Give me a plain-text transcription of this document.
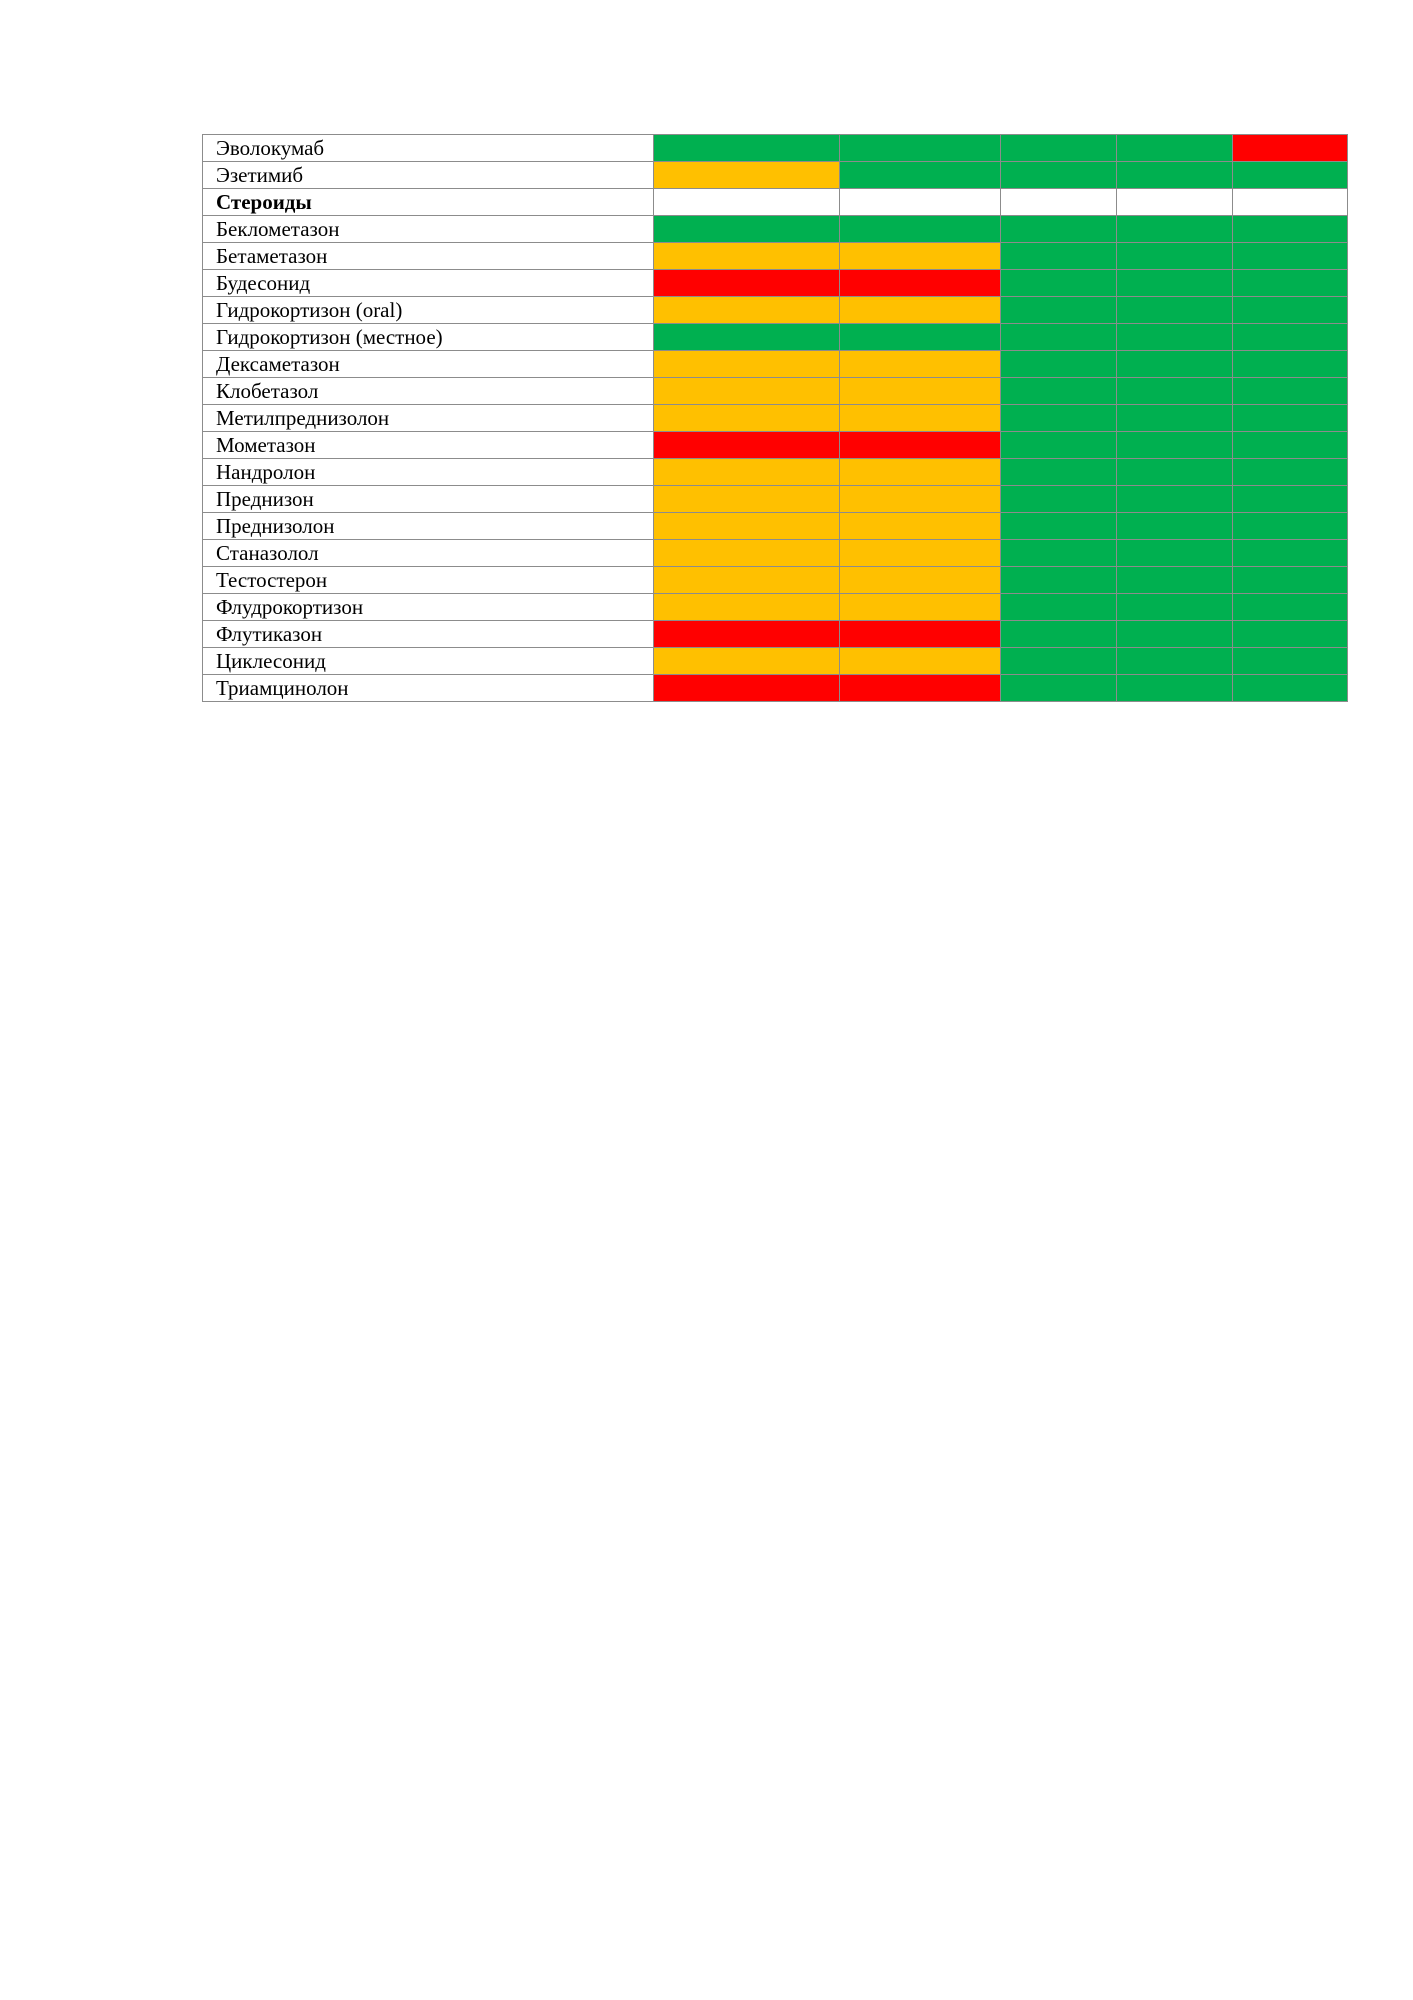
Эволокумаб					
Эзетимиб					
Стероиды					
Беклометазон					
Бетаметазон					
Будесонид					
Гидрокортизон (oral)					
Гидрокортизон (местное)					
Дексаметазон					
Клобетазол					
Метилпреднизолон					
Мометазон					
Нандролон					
Преднизон					
Преднизолон					
Станазолол					
Тестостерон					
Флудрокортизон					
Флутиказон					
Циклесонид					
Триамцинолон					
